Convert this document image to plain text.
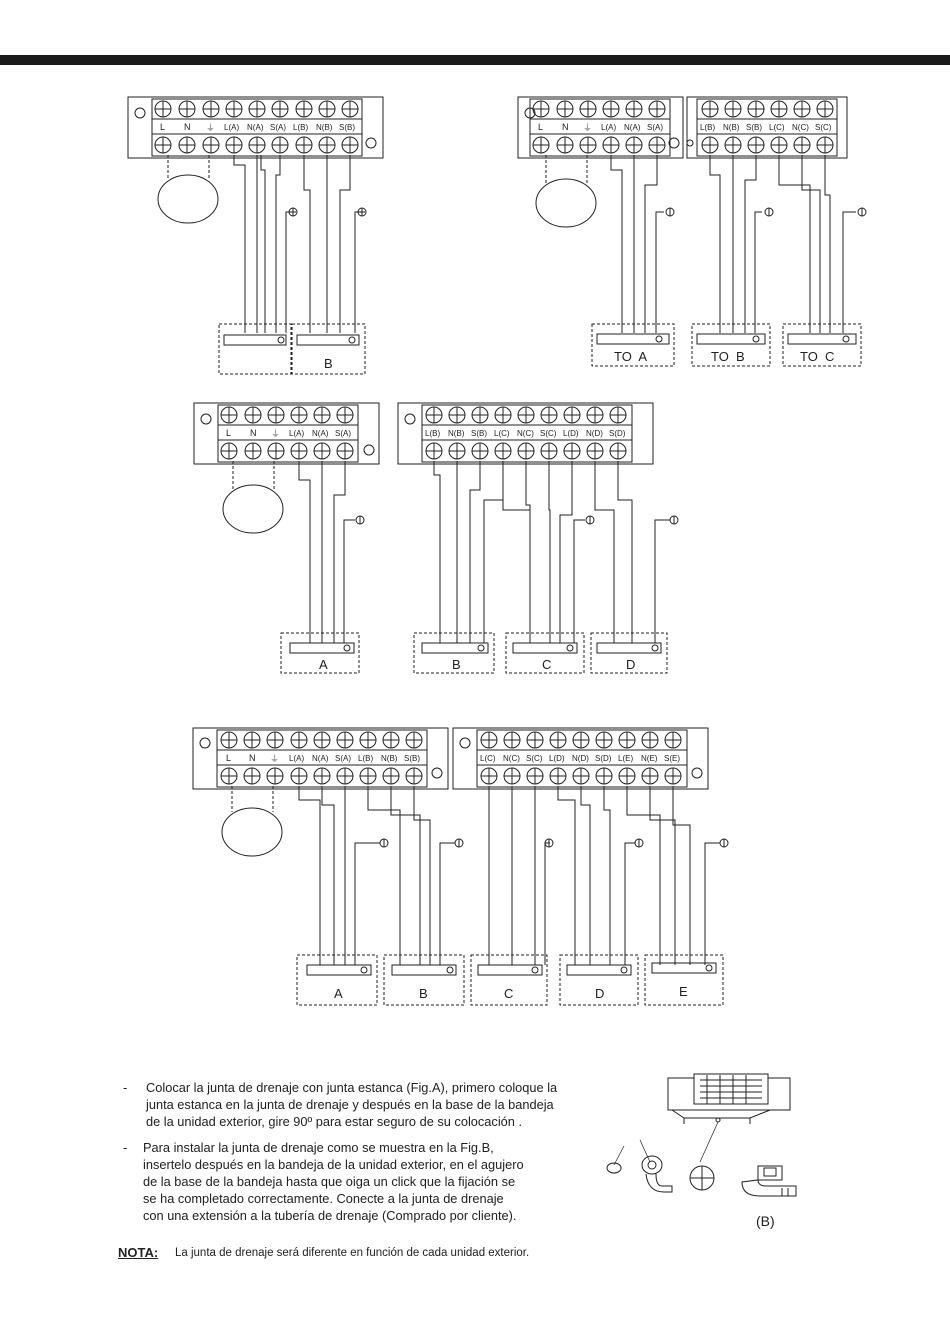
L N ⏚ L(A) N(A) S(A) L(B) N(B) S(B)
B
L N ⏚ L(A) N(A) S(A)	L(B) N(B) S(B) L(C) N(C) S(C)
TO  A	TO  B	TO  C
L N ⏚ L(A) N(A) S(A)	L(B) N(B) S(B) L(C) N(C) S(C) L(D) N(D) S(D)
A	B	C	D
L N ⏚ L(A) N(A) S(A) L(B) N(B) S(B)	L(C) N(C) S(C) L(D) N(D) S(D) L(E) N(E) S(E)
A	B	C	D	E
- Colocar la junta de drenaje con junta estanca (Fig.A), primero coloque la
junta estanca en la junta de drenaje y después en la base de la bandeja
de la unidad exterior, gire 90º para estar seguro de su colocación .
- Para instalar la junta de drenaje como se muestra en la Fig.B,
insertelo después en la bandeja de la unidad exterior, en el agujero
de la base de la bandeja hasta que oiga un click que la fijación se
se ha completado correctamente. Conecte a la junta de drenaje
con una extensión a la tubería de drenaje (Comprado por cliente).	(B)
NOTA: La junta de drenaje será diferente en función de cada unidad exterior.
